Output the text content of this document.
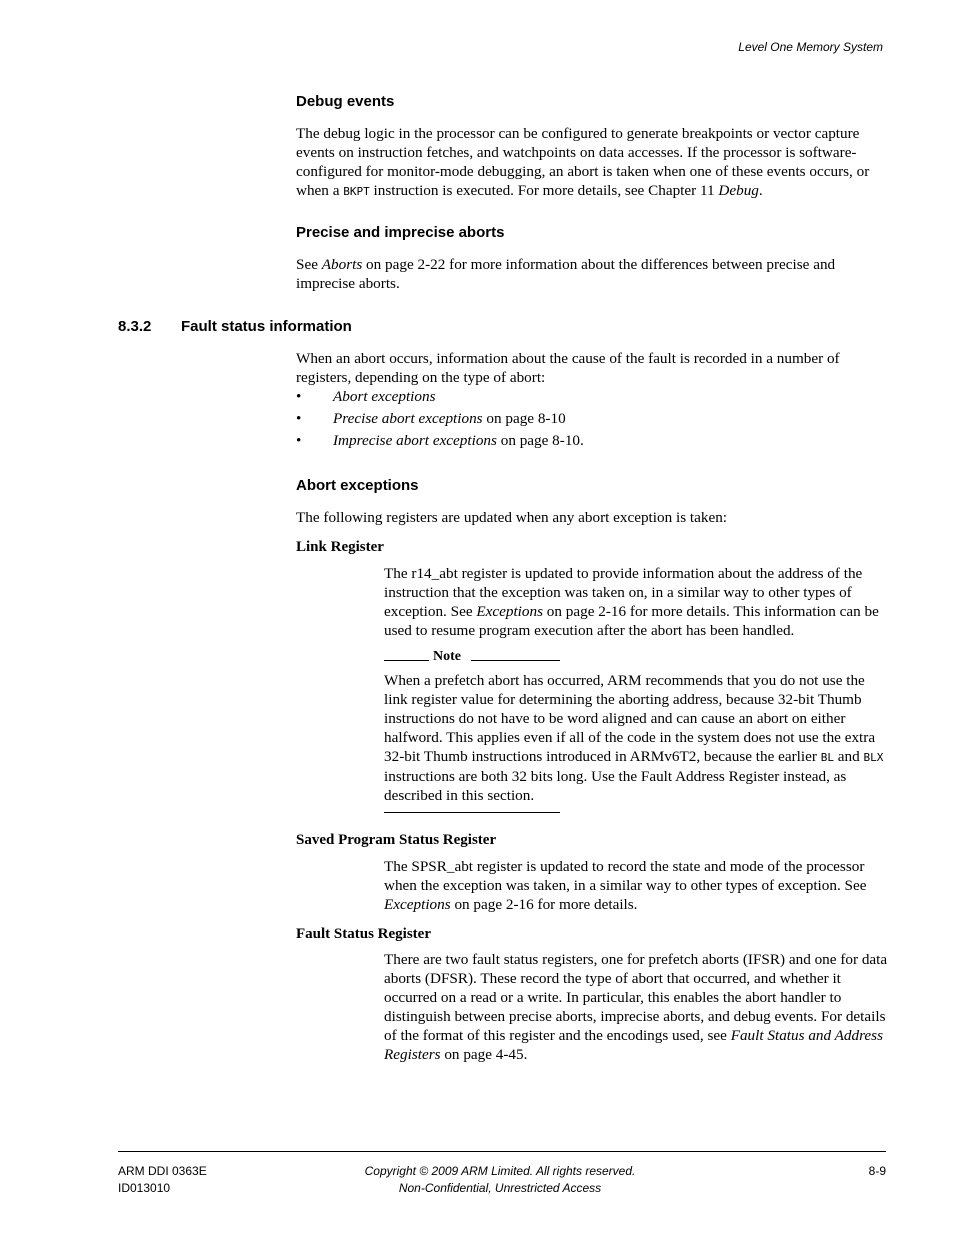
Level One Memory System
Debug events
The debug logic in the processor can be configured to generate breakpoints or vector capture events on instruction fetches, and watchpoints on data accesses. If the processor is software-configured for monitor-mode debugging, an abort is taken when one of these events occurs, or when a BKPT instruction is executed. For more details, see Chapter 11 Debug.
Precise and imprecise aborts
See Aborts on page 2-22 for more information about the differences between precise and imprecise aborts.
8.3.2 Fault status information
When an abort occurs, information about the cause of the fault is recorded in a number of registers, depending on the type of abort:
• Abort exceptions
• Precise abort exceptions on page 8-10
• Imprecise abort exceptions on page 8-10.
Abort exceptions
The following registers are updated when any abort exception is taken:
Link Register
The r14_abt register is updated to provide information about the address of the instruction that the exception was taken on, in a similar way to other types of exception. See Exceptions on page 2-16 for more details. This information can be used to resume program execution after the abort has been handled.
Note
When a prefetch abort has occurred, ARM recommends that you do not use the link register value for determining the aborting address, because 32-bit Thumb instructions do not have to be word aligned and can cause an abort on either halfword. This applies even if all of the code in the system does not use the extra 32-bit Thumb instructions introduced in ARMv6T2, because the earlier BL and BLX instructions are both 32 bits long. Use the Fault Address Register instead, as described in this section.
Saved Program Status Register
The SPSR_abt register is updated to record the state and mode of the processor when the exception was taken, in a similar way to other types of exception. See Exceptions on page 2-16 for more details.
Fault Status Register
There are two fault status registers, one for prefetch aborts (IFSR) and one for data aborts (DFSR). These record the type of abort that occurred, and whether it occurred on a read or a write. In particular, this enables the abort handler to distinguish between precise aborts, imprecise aborts, and debug events. For details of the format of this register and the encodings used, see Fault Status and Address Registers on page 4-45.
ARM DDI 0363E
ID013010
Copyright © 2009 ARM Limited. All rights reserved.
Non-Confidential, Unrestricted Access
8-9
